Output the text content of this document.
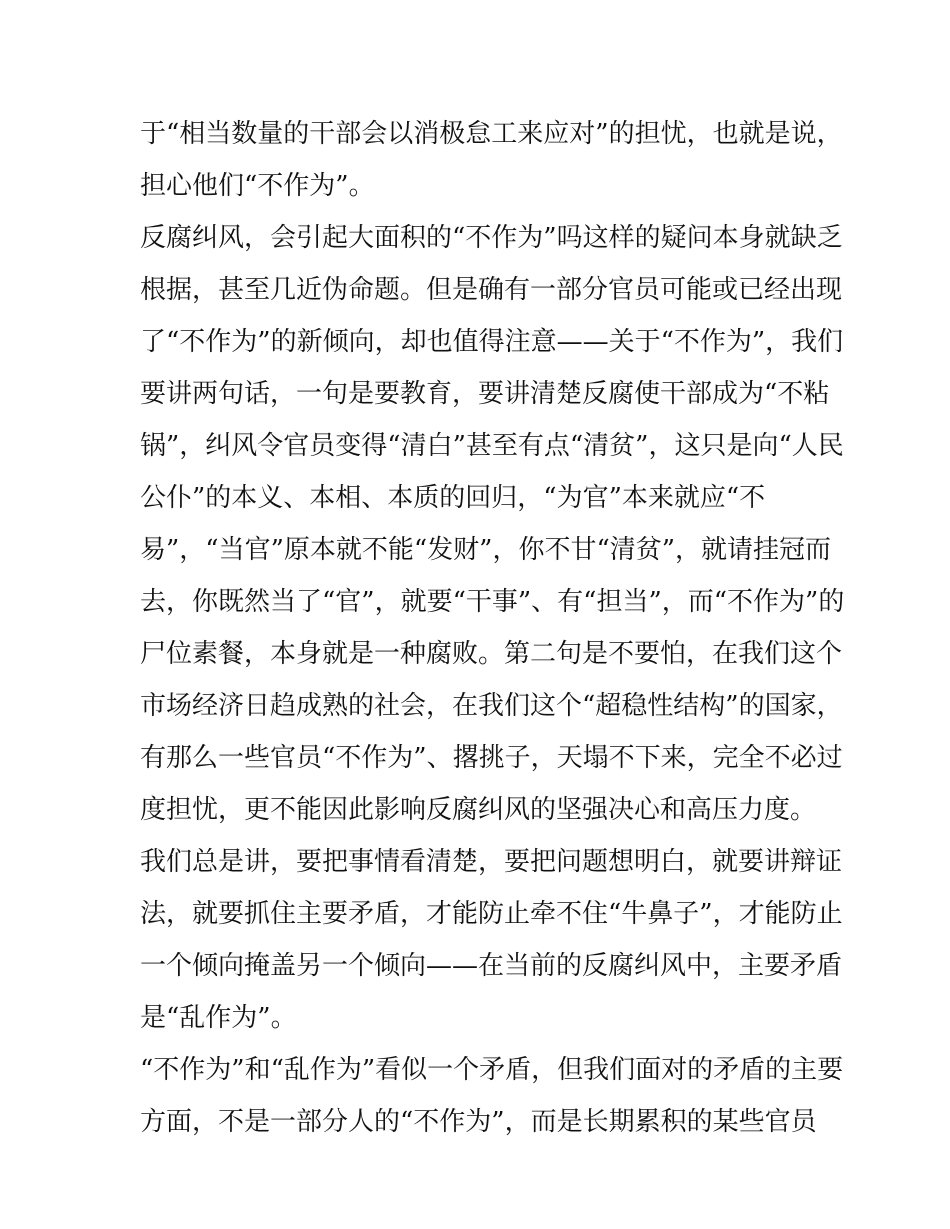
于“相当数量的干部会以消极怠工来应对”的担忧，也就是说，
担心他们“不作为”。
反腐纠风，会引起大面积的“不作为”吗这样的疑问本身就缺乏
根据，甚至几近伪命题。但是确有一部分官员可能或已经出现
了“不作为”的新倾向，却也值得注意——关于“不作为”，我们
要讲两句话，一句是要教育，要讲清楚反腐使干部成为“不粘
锅”，纠风令官员变得“清白”甚至有点“清贫”，这只是向“人民
公仆”的本义、本相、本质的回归，“为官”本来就应“不
易”，“当官”原本就不能“发财”，你不甘“清贫”，就请挂冠而
去，你既然当了“官”，就要“干事”、有“担当”，而“不作为”的
尸位素餐，本身就是一种腐败。第二句是不要怕，在我们这个
市场经济日趋成熟的社会，在我们这个“超稳性结构”的国家，
有那么一些官员“不作为”、撂挑子，天塌不下来，完全不必过
度担忧，更不能因此影响反腐纠风的坚强决心和高压力度。
我们总是讲，要把事情看清楚，要把问题想明白，就要讲辩证
法，就要抓住主要矛盾，才能防止牵不住“牛鼻子”，才能防止
一个倾向掩盖另一个倾向——在当前的反腐纠风中，主要矛盾
是“乱作为”。
“不作为”和“乱作为”看似一个矛盾，但我们面对的矛盾的主要
方面，不是一部分人的“不作为”，而是长期累积的某些官员
